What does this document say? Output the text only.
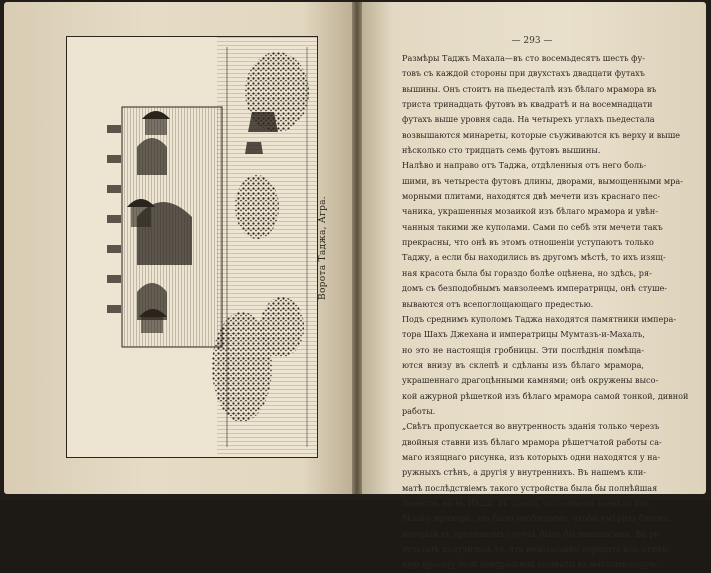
Ворота Таджа, Агра.
— 293 —

Размѣры Таджъ Махала—въ сто восемьдесятъ шесть фу-
товъ съ каждой стороны при двухстахъ двадцати футахъ
вышины. Онъ стоитъ на пьедесталѣ изъ бѣлаго мрамора въ
триста тринадцать футовъ въ квадратѣ и на восемнадцати
футахъ выше уровня сада. На четырехъ углахъ пьедестала
возвышаются минареты, которые съуживаются къ верху и выше
нѣсколько сто тридцать семь футовъ вышины.

Налѣво и направо отъ Таджа, отдѣленныя отъ него боль-
шими, въ четыреста футовъ длины, дворами, вымощенными мра-
морными плитами, находятся двѣ мечети изъ краснаго пес-
чаника, украшенныя мозаикой изъ бѣлаго мрамора и увѣн-
чанныя такими же куполами. Сами по себѣ эти мечети такъ
прекрасны, что онѣ въ этомъ отношеніи уступаютъ только
Таджу, а если бы находились въ другомъ мѣстѣ, то ихъ изящ-
ная красота была бы гораздо болѣе оцѣнена, но здѣсь, ря-
домъ съ безподобнымъ мавзолеемъ императрицы, онѣ стуше-
вываются отъ всепоглощающаго предестью.

Подъ среднимъ куполомъ Таджа находятся памятники импера-
тора Шахъ Джехана и императрицы Мумтазъ-и-Махалъ,
но это не настоящія гробницы. Эти послѣднія помѣща-
ются внизу въ склепѣ и сдѣланы изъ бѣлаго мрамора,
украшеннаго драгоцѣнными камнями; онѣ окружены высо-
кой ажурной рѣшеткой изъ бѣлаго мрамора самой тонкой, дивной
работы.

„Свѣтъ пропускается во внутренность зданія только черезъ
двойныя ставни изъ бѣлаго мрамора рѣшетчатой работы са-
маго изящнаго рисунка, изъ которыхъ одни находятся у на-
ружныхъ стѣнъ, а другія у внутреннихъ. Въ нашемъ кли-
матѣ послѣдствіемъ такого устройства была бы полнѣйшая
темнота, но въ Индіи, въ зданіи, состоящемъ всецѣло изъ
бѣлаго мрамора, это было необходимо, чтобы умѣрить блескъ,
который въ противномъ случаѣ былъ бы невыносимъ. Въ ре-
зультатѣ получилось то, что невозможно передать всю отмѣн-
ную красоту этой центральной комнаты въ мягкомъ полум-
